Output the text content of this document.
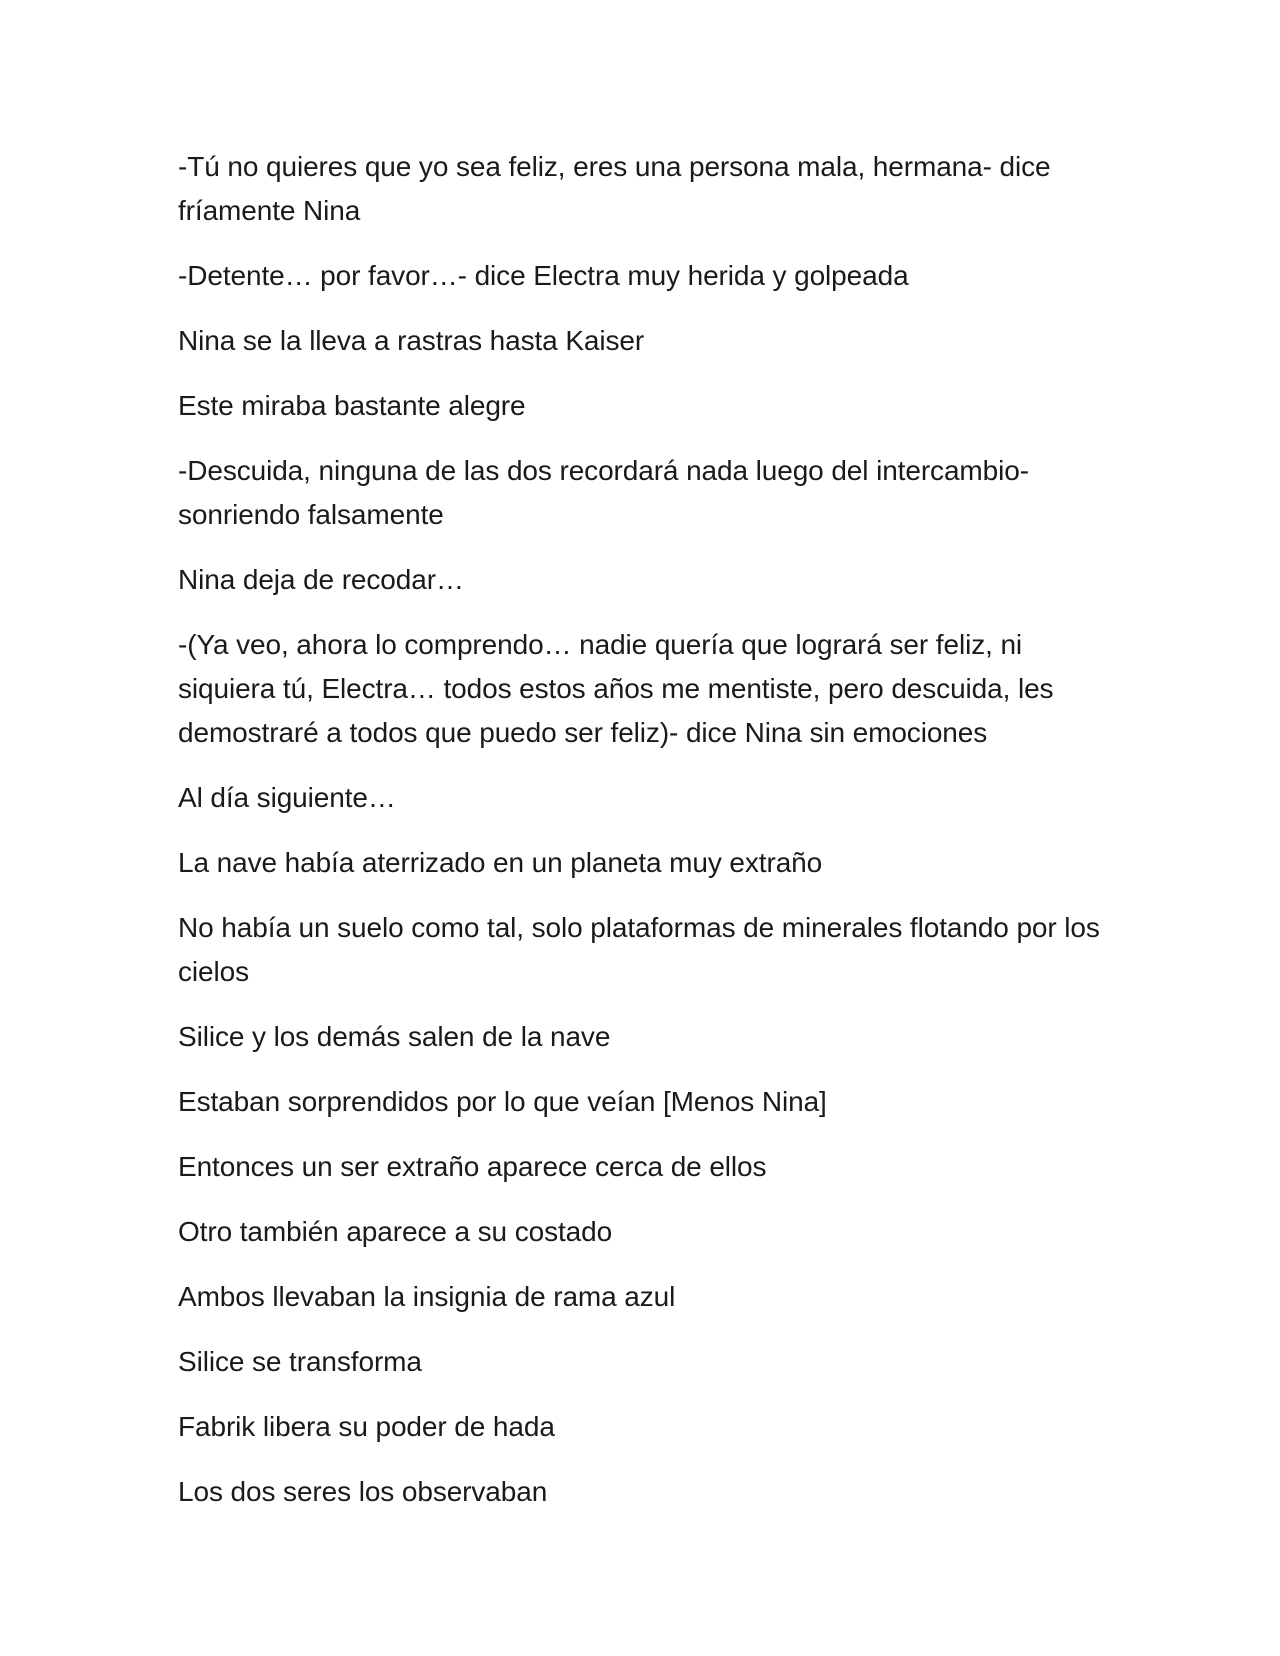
-Tú no quieres que yo sea feliz, eres una persona mala, hermana- dice fríamente Nina

-Detente… por favor…- dice Electra muy herida y golpeada

Nina se la lleva a rastras hasta Kaiser

Este miraba bastante alegre

-Descuida, ninguna de las dos recordará nada luego del intercambio- sonriendo falsamente

Nina deja de recodar…

-(Ya veo, ahora lo comprendo… nadie quería que logrará ser feliz, ni siquiera tú, Electra… todos estos años me mentiste, pero descuida, les demostraré a todos que puedo ser feliz)- dice Nina sin emociones

Al día siguiente…

La nave había aterrizado en un planeta muy extraño

No había un suelo como tal, solo plataformas de minerales flotando por los cielos

Silice y los demás salen de la nave

Estaban sorprendidos por lo que veían [Menos Nina]

Entonces un ser extraño aparece cerca de ellos

Otro también aparece a su costado

Ambos llevaban la insignia de rama azul

Silice se transforma

Fabrik libera su poder de hada

Los dos seres los observaban
